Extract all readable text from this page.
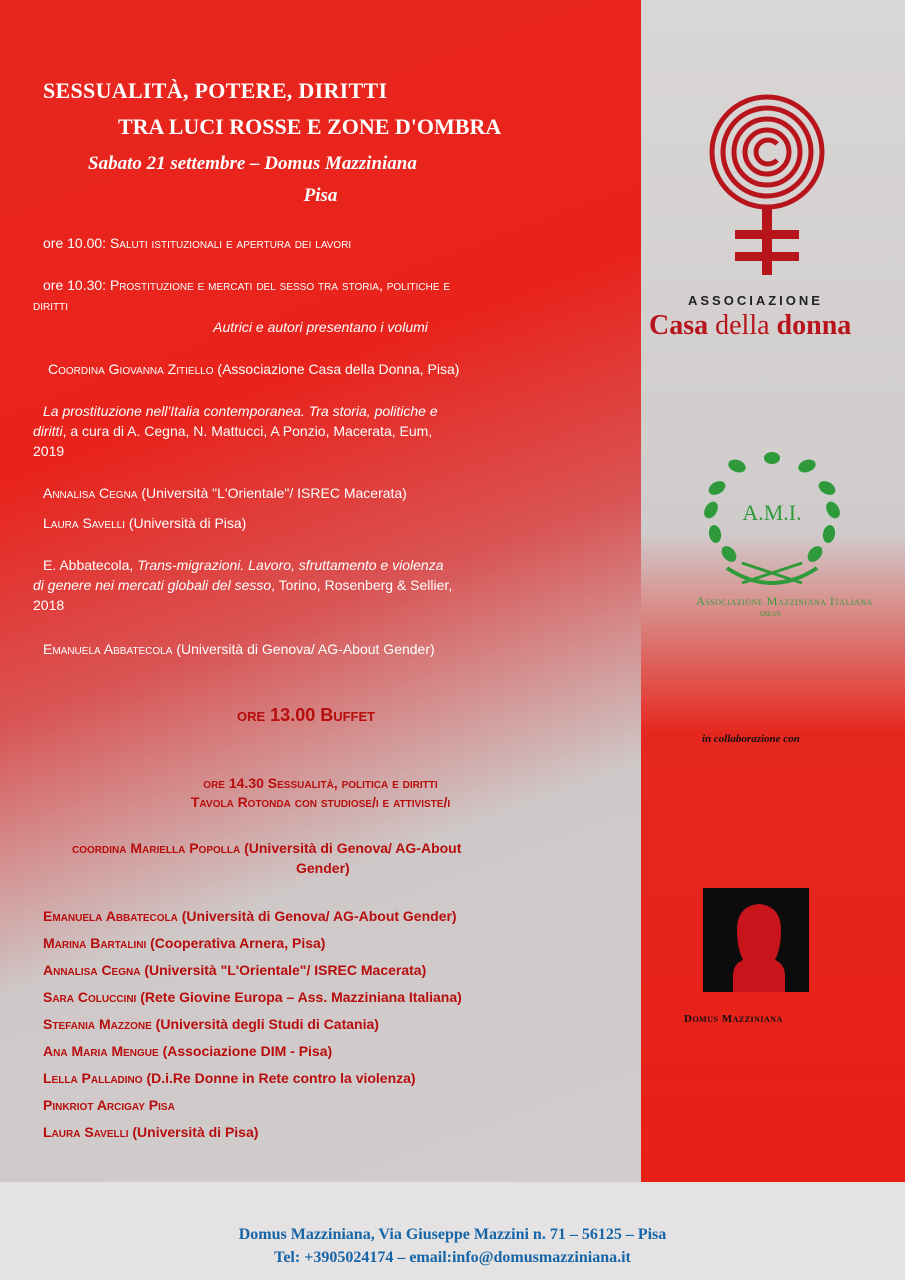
SESSUALITÀ, POTERE, DIRITTI
TRA LUCI ROSSE E ZONE D'OMBRA
Sabato 21 settembre – Domus Mazziniana
Pisa
ore 10.00: Saluti istituzionali e apertura dei lavori
ore 10.30: Prostituzione e mercati del sesso tra storia, politiche e
diritti
Autrici e autori presentano i volumi
Coordina Giovanna Zitiello (Associazione Casa della Donna, Pisa)
La prostituzione nell'Italia contemporanea. Tra storia, politiche e
diritti, a cura di A. Cegna, N. Mattucci, A Ponzio, Macerata, Eum,
2019
Annalisa Cegna (Università "L'Orientale"/ ISREC Macerata)
Laura Savelli (Università di Pisa)
E. Abbatecola, Trans-migrazioni. Lavoro, sfruttamento e violenza
di genere nei mercati globali del sesso, Torino, Rosenberg & Sellier,
2018
Emanuela Abbatecola (Università di Genova/ AG-About Gender)
ore 13.00 Buffet
ore 14.30 Sessualità, politica e diritti
Tavola Rotonda con studiose/i e attiviste/i
coordina Mariella Popolla (Università di Genova/ AG-About
Gender)
Emanuela Abbatecola (Università di Genova/ AG-About Gender)
Marina Bartalini (Cooperativa Arnera, Pisa)
Annalisa Cegna (Università "L'Orientale"/ ISREC Macerata)
Sara Coluccini (Rete Giovine Europa – Ass. Mazziniana Italiana)
Stefania Mazzone (Università degli Studi di Catania)
Ana Maria Mengue (Associazione DIM - Pisa)
Lella Palladino (D.i.Re Donne in Rete contro la violenza)
Pinkriot Arcigay Pisa
Laura Savelli (Università di Pisa)
ASSOCIAZIONE
Casa della donna
A.M.I.
Associazione Mazziniana Italiana
ONLUS
in collaborazione con
Domus Mazziniana
Domus Mazziniana, Via Giuseppe Mazzini n. 71 – 56125 – Pisa
Tel: +3905024174 – email:info@domusmazziniana.it
